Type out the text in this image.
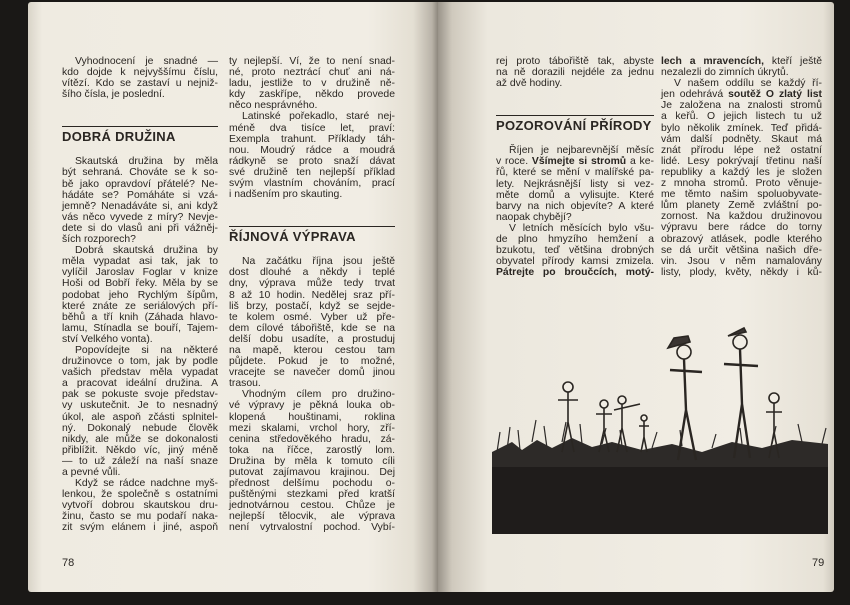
Vyhodnocení je snadné —
kdo dojde k nejvyššímu číslu,
vítězí. Kdo se zastaví u nejniž-
šího čísla, je poslední.
DOBRÁ DRUŽINA
Skautská družina by měla
být sehraná. Chováte se k so-
bě jako opravdoví přátelé? Ne-
hádáte se? Pomáháte si vzá-
jemně? Nenadáváte si, ani když
vás něco vyvede z míry? Nevje-
dete si do vlasů ani při vážněj-
ších rozporech?
Dobrá skautská družina by
měla vypadat asi tak, jak to
vylíčil Jaroslav Foglar v knize
Hoši od Bobří řeky. Měla by se
podobat jeho Rychlým šípům,
které znáte ze seriálových pří-
běhů a tří knih (Záhada hlavo-
lamu, Stínadla se bouří, Tajem-
ství Velkého vonta).
Popovídejte si na některé
družinovce o tom, jak by podle
vašich představ měla vypadat
a pracovat ideální družina. A
pak se pokuste svoje představ-
vy uskutečnit. Je to nesnadný
úkol, ale aspoň zčásti splnitel-
ný. Dokonalý nebude člověk
nikdy, ale může se dokonalosti
přiblížit. Někdo víc, jiný méně
— to už záleží na naší snaze
a pevné vůli.
Když se rádce nadchne myš-
lenkou, že společně s ostatními
vytvoří dobrou skautskou dru-
žinu, často se mu podaří naka-
zit svým elánem i jiné, aspoň
ty nejlepší. Ví, že to není snad-
né, proto neztrácí chuť ani ná-
ladu, jestliže to v družině ně-
kdy zaskřípe, někdo provede
něco nesprávného.
Latinské pořekadlo, staré nej-
méně dva tisíce let, praví:
Exempla trahunt. Příklady táh-
nou. Moudrý rádce a moudrá
rádkyně se proto snaží dávat
své družině ten nejlepší příklad
svým vlastním chováním, prací
i nadšením pro skauting.
ŘÍJNOVÁ VÝPRAVA
Na začátku října jsou ještě
dost dlouhé a někdy i teplé
dny, výprava může tedy trvat
8 až 10 hodin. Nedělej sraz pří-
liš brzy, postačí, když se sejde-
te kolem osmé. Vyber už pře-
dem cílové tábořiště, kde se na
delší dobu usadíte, a prostuduj
na mapě, kterou cestou tam
půjdete. Pokud je to možné,
vracejte se navečer domů jinou
trasou.
Vhodným cílem pro družino-
vé výpravy je pěkná louka ob-
klopená houštinami, roklina
mezi skalami, vrchol hory, zří-
cenina středověkého hradu, zá-
toka na říčce, zarostlý lom.
Družina by měla k tomuto cíli
putovat zajímavou krajinou. Dej
přednost delšímu pochodu o-
puštěnými stezkami před kratší
jednotvárnou cestou. Chůze je
nejlepší tělocvik, ale výprava
není vytrvalostní pochod. Vybí-
rej proto tábořiště tak, abyste
na ně dorazili nejdéle za jednu
až dvě hodiny.
POZOROVÁNÍ PŘÍRODY
Říjen je nejbarevnější měsíc
v roce. Všímejte si stromů a ke-
řů, které se mění v malířské pa-
lety. Nejkrásnější listy si vez-
měte domů a vylisujte. Které
barvy na nich objevíte? A které
naopak chybějí?
V letních měsících bylo všu-
de plno hmyzího hemžení a
bzukotu, teď většina drobných
obyvatel přírody kamsi zmizela.
Pátrejte po broučcích, motý-
lech a mravencích, kteří ještě
nezalezli do zimních úkrytů.
V našem oddílu se každý ří-
jen odehrává soutěž O zlatý list
Je založena na znalosti stromů
a keřů. O jejich listech tu už
bylo několik zmínek. Teď přidá-
vám další podněty. Skaut má
znát přírodu lépe než ostatní
lidé. Lesy pokrývají třetinu naší
republiky a každý les je složen
z mnoha stromů. Proto věnuje-
me těmto našim spoluobyvate-
lům planety Země zvláštní po-
zornost. Na každou družinovou
výpravu bere rádce do torny
obrazový atlásek, podle kterého
se dá určit většina našich dře-
vin. Jsou v něm namalovány
listy, plody, květy, někdy i ků-
78	79
